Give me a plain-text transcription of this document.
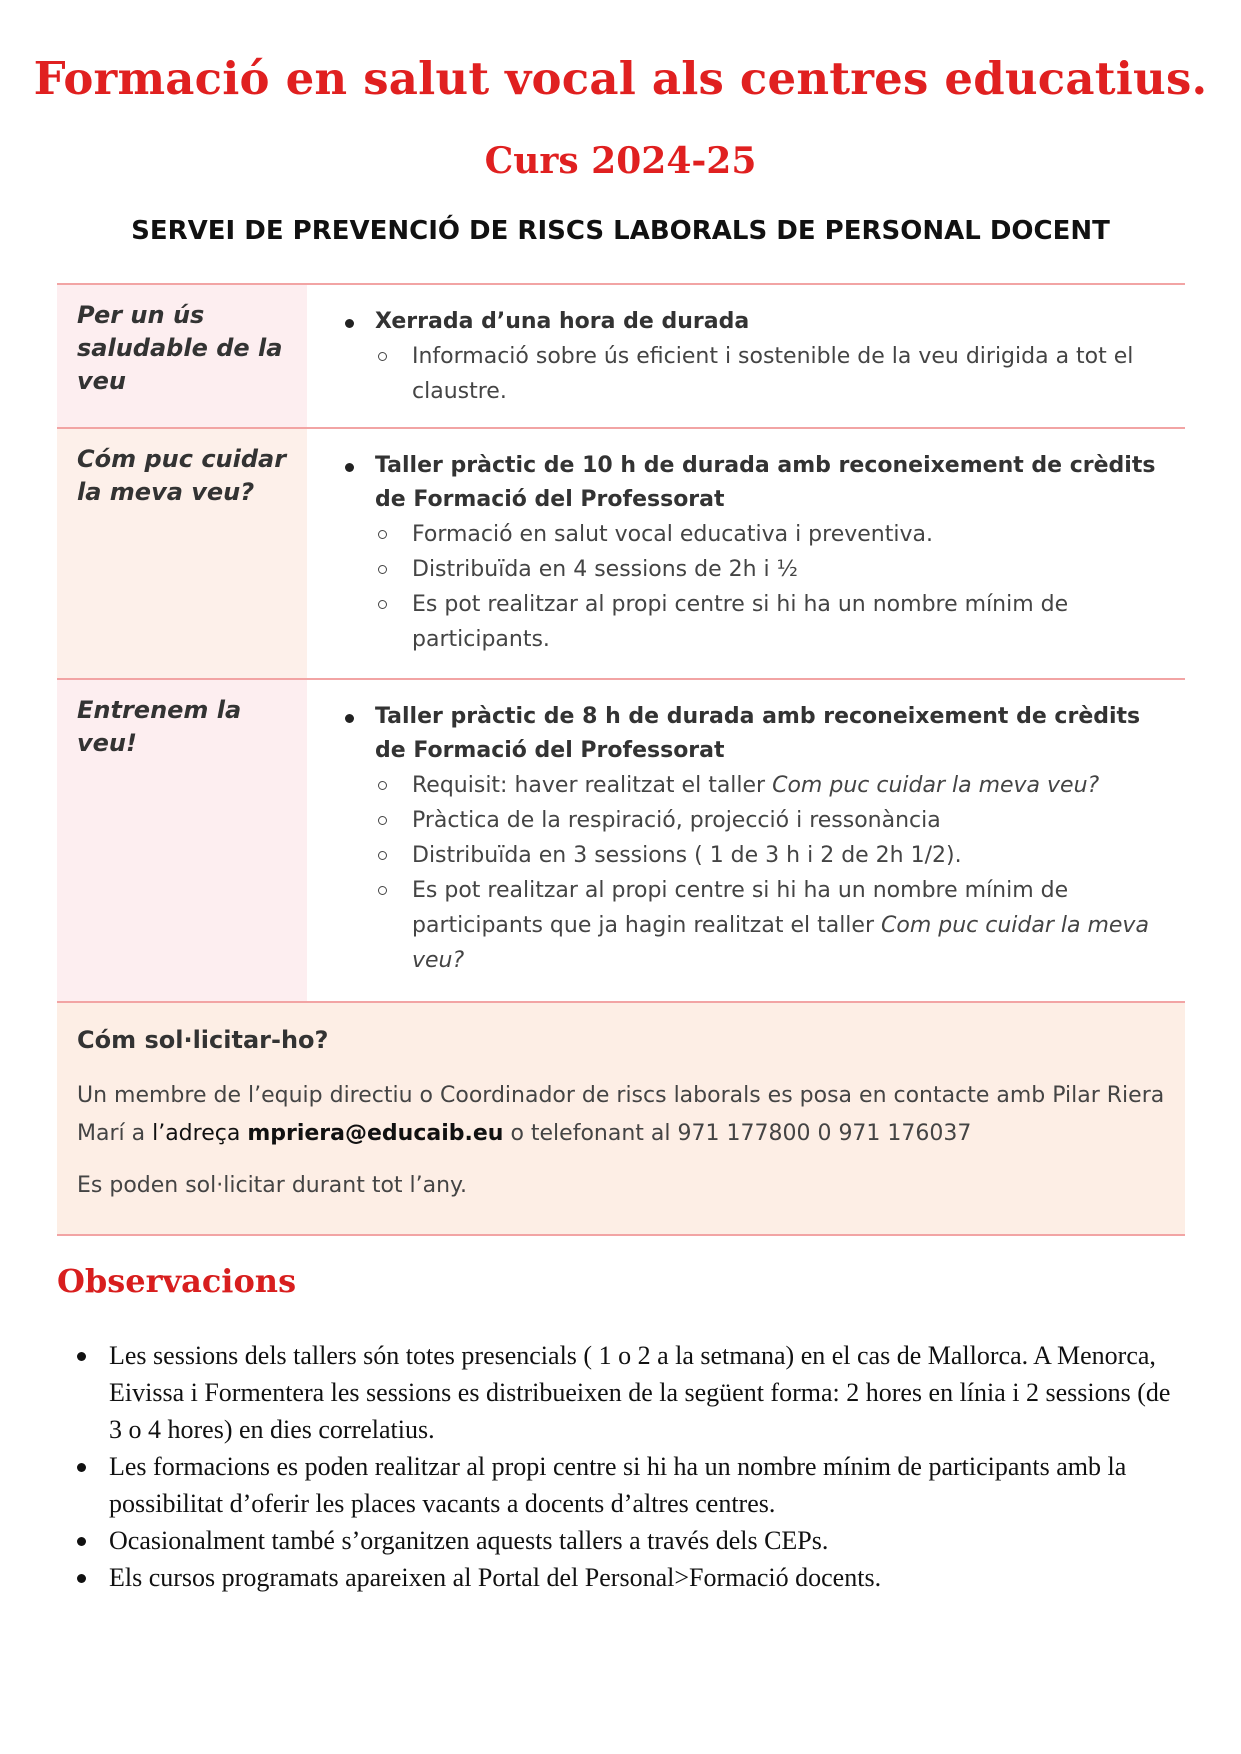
Formació en salut vocal als centres educatius.
Curs 2024-25
SERVEI DE PREVENCIÓ DE RISCS LABORALS DE PERSONAL DOCENT
Per un ús saludable de la veu
Xerrada d’una hora de durada
Informació sobre ús eficient i sostenible de la veu dirigida a tot el claustre.
Cóm puc cuidar la meva veu?
Taller pràctic de 10 h de durada amb reconeixement de crèdits de Formació del Professorat
Formació en salut vocal educativa i preventiva.
Distribuïda en 4 sessions de 2h i ½
Es pot realitzar al propi centre si hi ha un nombre mínim de participants.
Entrenem la veu!
Taller pràctic de 8 h de durada amb reconeixement de crèdits de Formació del Professorat
Requisit: haver realitzat el taller Com puc cuidar la meva veu?
Pràctica de la respiració, projecció i ressonància
Distribuïda en 3 sessions ( 1 de 3 h i 2 de 2h 1/2).
Es pot realitzar al propi centre si hi ha un nombre mínim de participants que ja hagin realitzat el taller Com puc cuidar la meva veu?
Cóm sol·licitar-ho?
Un membre de l’equip directiu o Coordinador de riscs laborals es posa en contacte amb Pilar Riera Marí a l’adreça mpriera@educaib.eu o telefonant al 971 177800 0 971 176037
Es poden sol·licitar durant tot l’any.
Observacions
Les sessions dels tallers són totes presencials ( 1 o 2 a la setmana) en el cas de Mallorca. A Menorca, Eivissa i Formentera les sessions es distribueixen de la següent forma: 2 hores en línia i 2 sessions (de 3 o 4 hores) en dies correlatius.
Les formacions es poden realitzar al propi centre si hi ha un nombre mínim de participants amb la possibilitat d’oferir les places vacants a docents d’altres centres.
Ocasionalment també s’organitzen aquests tallers a través dels CEPs.
Els cursos programats apareixen al Portal del Personal>Formació docents.
